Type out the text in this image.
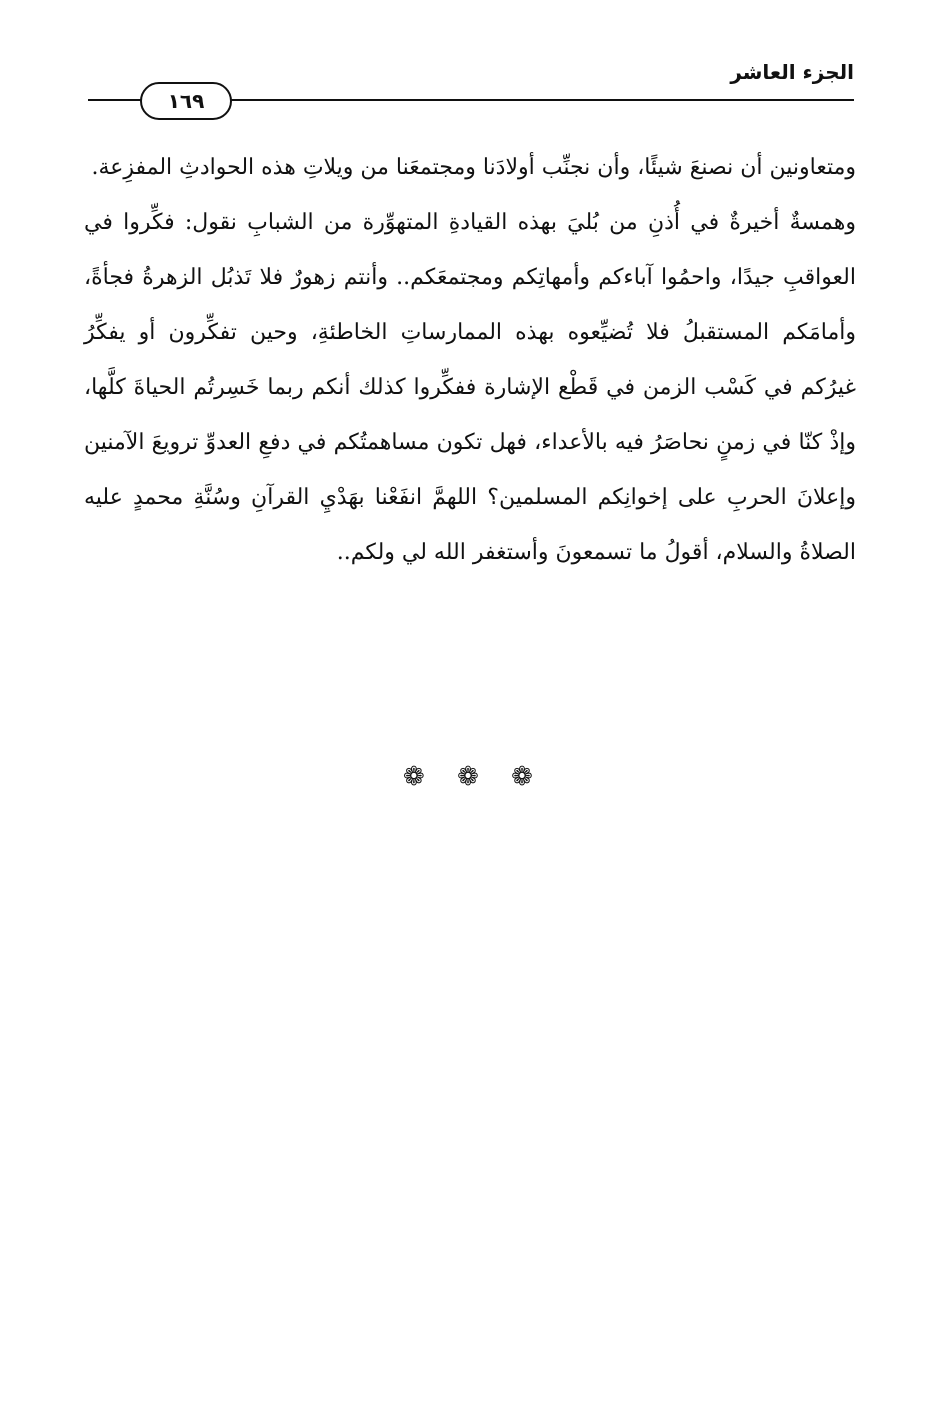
الجزء العاشر
١٦٩

ومتعاونين أن نصنعَ شيئًا، وأن نجنِّب أولادَنا ومجتمعَنا من ويلاتِ هذه الحوادثِ المفزِعة.

وهمسةٌ أخيرةٌ في أُذنِ من بُليَ بهذه القيادةِ المتهوِّرة من الشبابِ نقول: فكِّروا في العواقبِ جيدًا، واحمُوا آباءكم وأمهاتِكم ومجتمعَكم.. وأنتم زهورٌ فلا تَذبُل الزهرةُ فجأةً، وأمامَكم المستقبلُ فلا تُضيِّعوه بهذه الممارساتِ الخاطئةِ، وحين تفكِّرون أو يفكِّرُ غيرُكم في كَسْب الزمن في قَطْع الإشارة ففكِّروا كذلك أنكم ربما خَسِرتُم الحياةَ كلَّها، وإذْ كنّا في زمنٍ نحاصَرُ فيه بالأعداء، فهل تكون مساهمتُكم في دفعِ العدوِّ ترويعَ الآمنين وإعلانَ الحربِ على إخوانِكم المسلمين؟ اللهمَّ انفَعْنا بهَدْيِ القرآنِ وسُنَّةِ محمدٍ عليه الصلاةُ والسلام، أقولُ ما تسمعونَ وأستغفر الله لي ولكم..

❁ ❁ ❁
